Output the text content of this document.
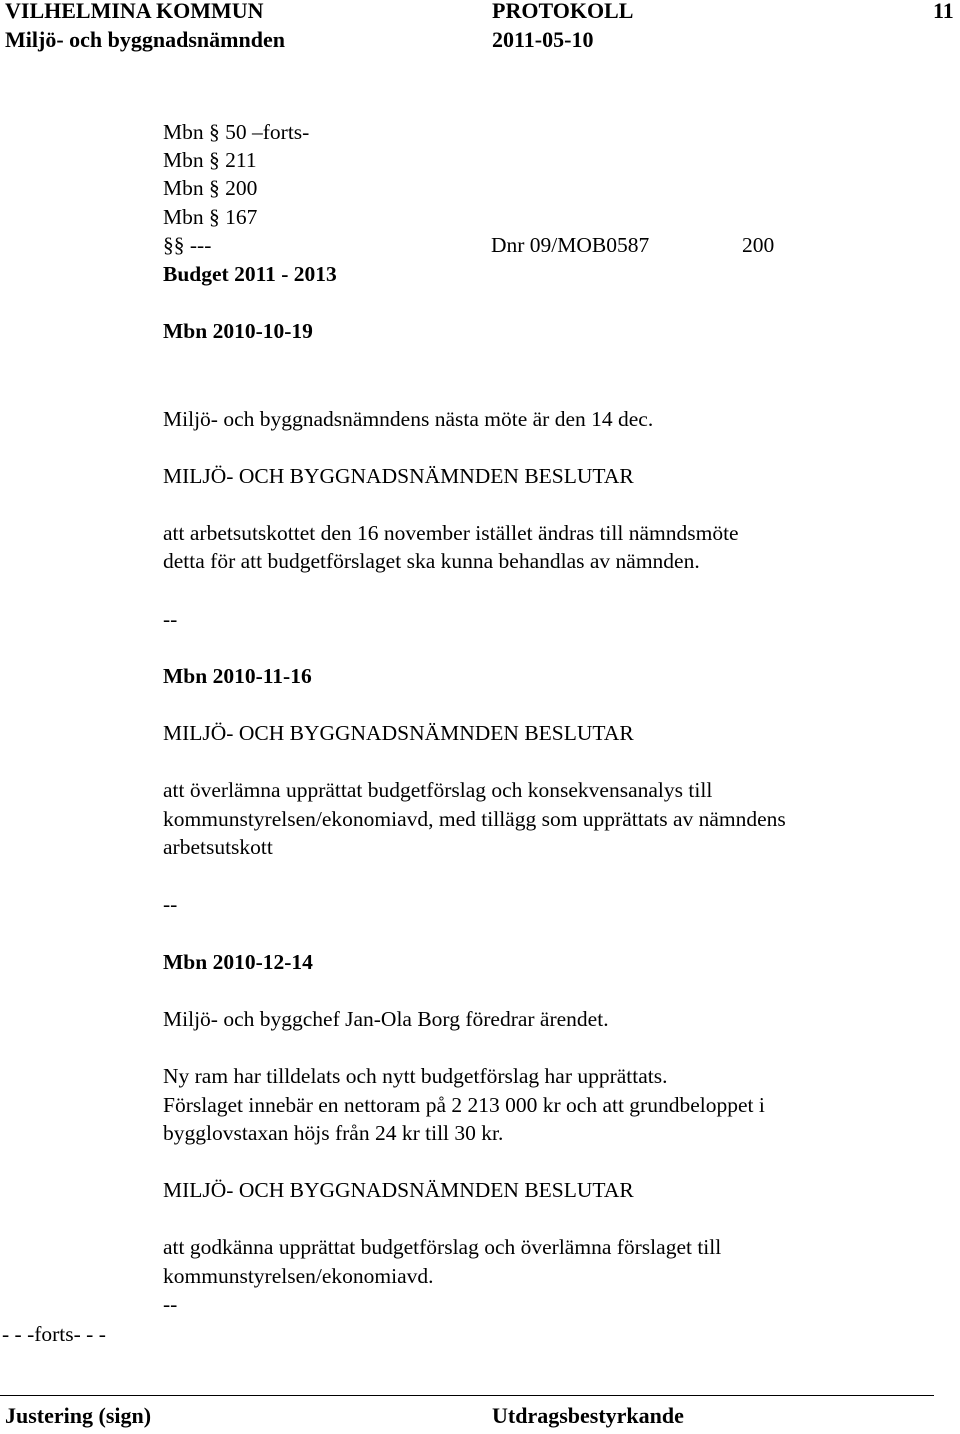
VILHELMINA KOMMUN	PROTOKOLL	11
Miljö- och byggnadsnämnden	2011-05-10
Mbn § 50 –forts-
Mbn § 211
Mbn § 200
Mbn § 167
§§ ---	Dnr 09/MOB0587	200
Budget 2011 - 2013
Mbn 2010-10-19
Miljö- och byggnadsnämndens nästa möte är den 14 dec.
MILJÖ- OCH BYGGNADSNÄMNDEN BESLUTAR
att arbetsutskottet den 16 november istället ändras till nämndsmöte
detta för att budgetförslaget ska kunna behandlas av nämnden.
--
Mbn 2010-11-16
MILJÖ- OCH BYGGNADSNÄMNDEN BESLUTAR
att överlämna upprättat budgetförslag och konsekvensanalys till
kommunstyrelsen/ekonomiavd, med tillägg som upprättats av nämndens
arbetsutskott
--
Mbn 2010-12-14
Miljö- och byggchef Jan-Ola Borg föredrar ärendet.
Ny ram har tilldelats och nytt budgetförslag har upprättats.
Förslaget innebär en nettoram på 2 213 000 kr och att grundbeloppet i
bygglovstaxan höjs från 24 kr till 30 kr.
MILJÖ- OCH BYGGNADSNÄMNDEN BESLUTAR
att godkänna upprättat budgetförslag och överlämna förslaget till
kommunstyrelsen/ekonomiavd.
--
- - -forts- - -
Justering (sign)	Utdragsbestyrkande
